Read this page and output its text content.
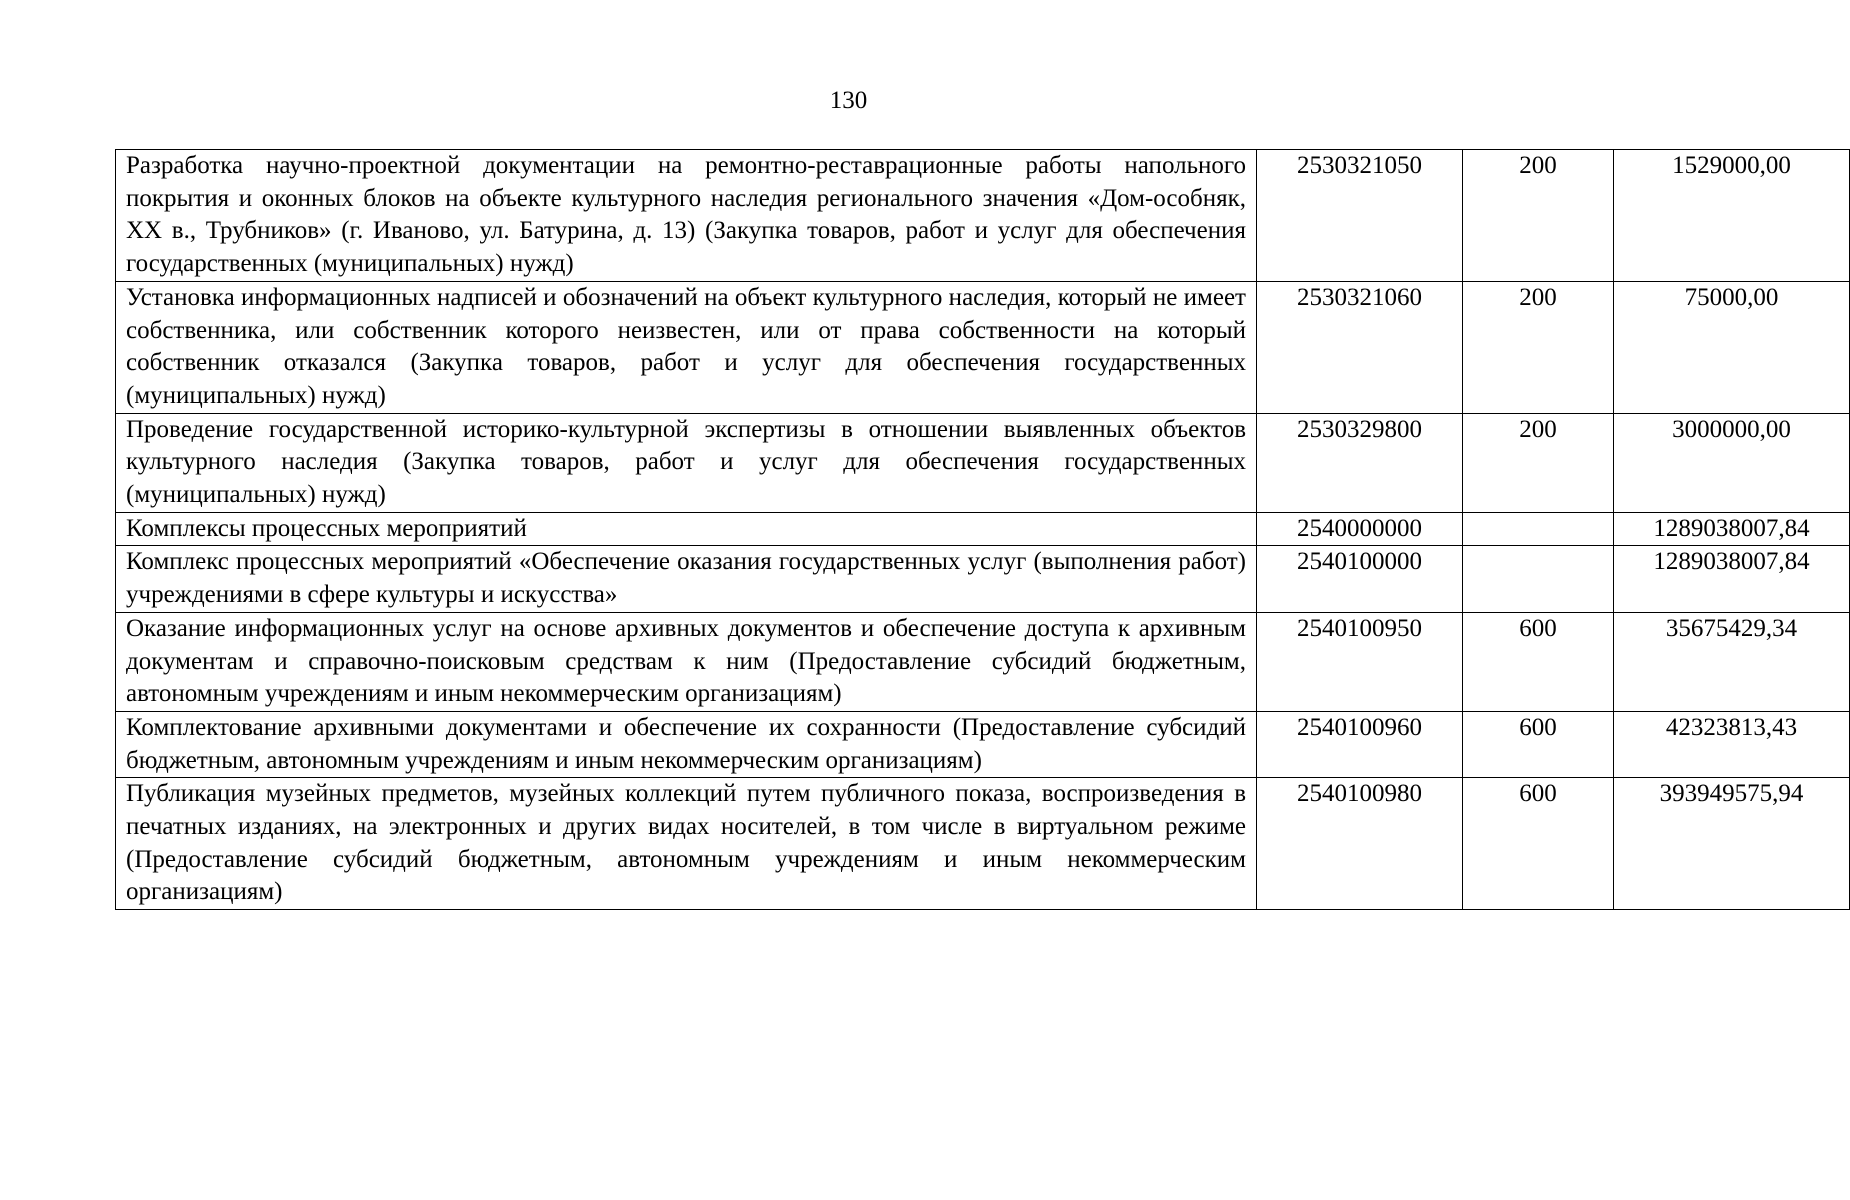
130
Разработка научно-проектной документации на ремонтно-реставрационные работы напольного покрытия и оконных блоков на объекте культурного наследия регионального значения «Дом-особняк, XX в., Трубников» (г. Иваново, ул. Батурина, д. 13) (Закупка товаров, работ и услуг для обеспечения государственных (муниципальных) нужд)	2530321050	200	1529000,00
Установка информационных надписей и обозначений на объект культурного наследия, который не имеет собственника, или собственник которого неизвестен, или от права собственности на который собственник отказался (Закупка товаров, работ и услуг для обеспечения государственных (муниципальных) нужд)	2530321060	200	75000,00
Проведение государственной историко-культурной экспертизы в отношении выявленных объектов культурного наследия (Закупка товаров, работ и услуг для обеспечения государственных (муниципальных) нужд)	2530329800	200	3000000,00
Комплексы процессных мероприятий	2540000000		1289038007,84
Комплекс процессных мероприятий «Обеспечение оказания государственных услуг (выполнения работ) учреждениями в сфере культуры и искусства»	2540100000		1289038007,84
Оказание информационных услуг на основе архивных документов и обеспечение доступа к архивным документам и справочно-поисковым средствам к ним (Предоставление субсидий бюджетным, автономным учреждениям и иным некоммерческим организациям)	2540100950	600	35675429,34
Комплектование архивными документами и обеспечение их сохранности (Предоставление субсидий бюджетным, автономным учреждениям и иным некоммерческим организациям)	2540100960	600	42323813,43
Публикация музейных предметов, музейных коллекций путем публичного показа, воспроизведения в печатных изданиях, на электронных и других видах носителей, в том числе в виртуальном режиме (Предоставление субсидий бюджетным, автономным учреждениям и иным некоммерческим организациям)	2540100980	600	393949575,94
